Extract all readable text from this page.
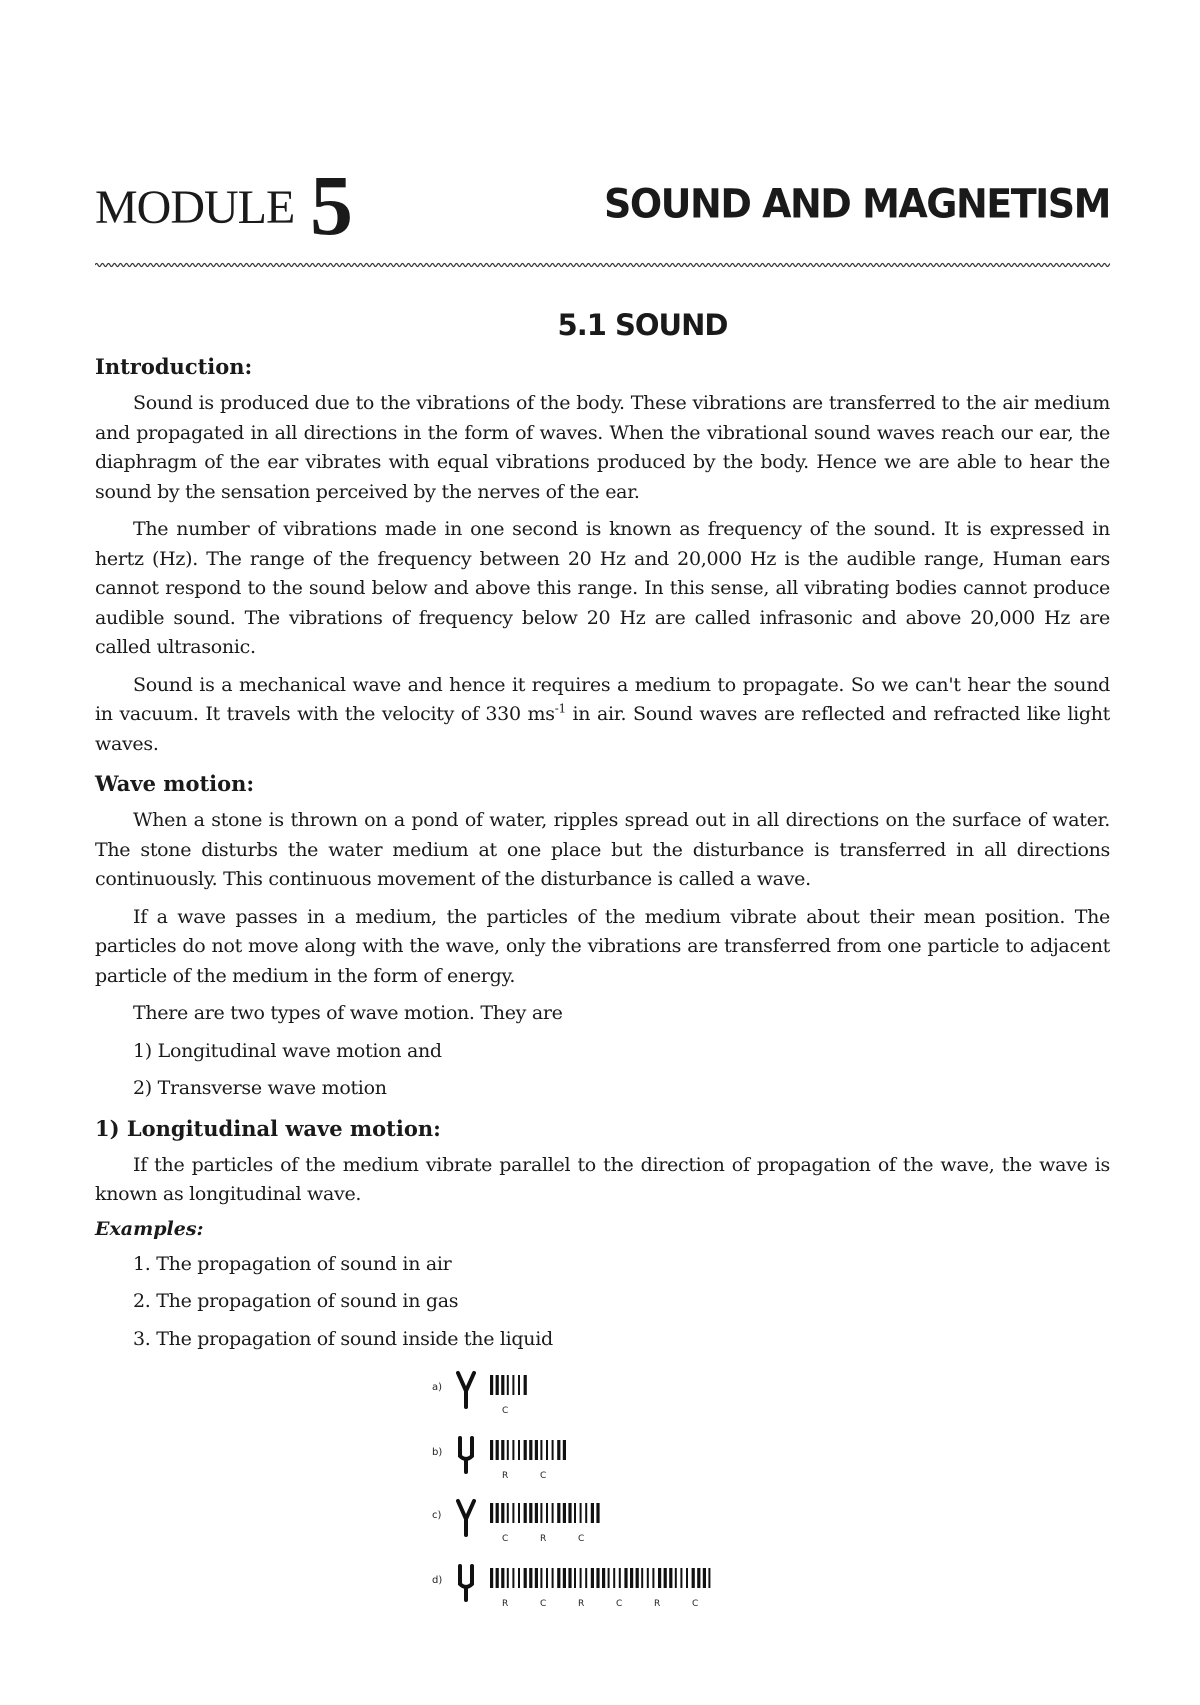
MODULE 5	SOUND AND MAGNETISM
5.1 SOUND
Introduction:

Sound is produced due to the vibrations of the body. These vibrations are transferred to the air medium and propagated in all directions in the form of waves. When the vibrational sound waves reach our ear, the diaphragm of the ear vibrates with equal vibrations produced by the body. Hence we are able to hear the sound by the sensation perceived by the nerves of the ear.

The number of vibrations made in one second is known as frequency of the sound. It is expressed in hertz (Hz). The range of the frequency between 20 Hz and 20,000 Hz is the audible range, Human ears cannot respond to the sound below and above this range. In this sense, all vibrating bodies cannot produce audible sound. The vibrations of frequency below 20 Hz are called infrasonic and above 20,000 Hz are called ultrasonic.

Sound is a mechanical wave and hence it requires a medium to propagate. So we can't hear the sound in vacuum. It travels with the velocity of 330 $ms^{-1}$ in air. Sound waves are reflected and refracted like light waves.

Wave motion:

When a stone is thrown on a pond of water, ripples spread out in all directions on the surface of water. The stone disturbs the water medium at one place but the disturbance is transferred in all directions continuously. This continuous movement of the disturbance is called a wave.

If a wave passes in a medium, the particles of the medium vibrate about their mean position. The particles do not move along with the wave, only the vibrations are transferred from one particle to adjacent particle of the medium in the form of energy.

There are two types of wave motion. They are

1) Longitudinal wave motion and

2) Transverse wave motion

1) Longitudinal wave motion:

If the particles of the medium vibrate parallel to the direction of propagation of the wave, the wave is known as longitudinal wave.

Examples:

1. The propagation of sound in air

2. The propagation of sound in gas

3. The propagation of sound inside the liquid

a)
C
b)
R	C
c)
C	R	C
d)
R	C	R	C	R	C
